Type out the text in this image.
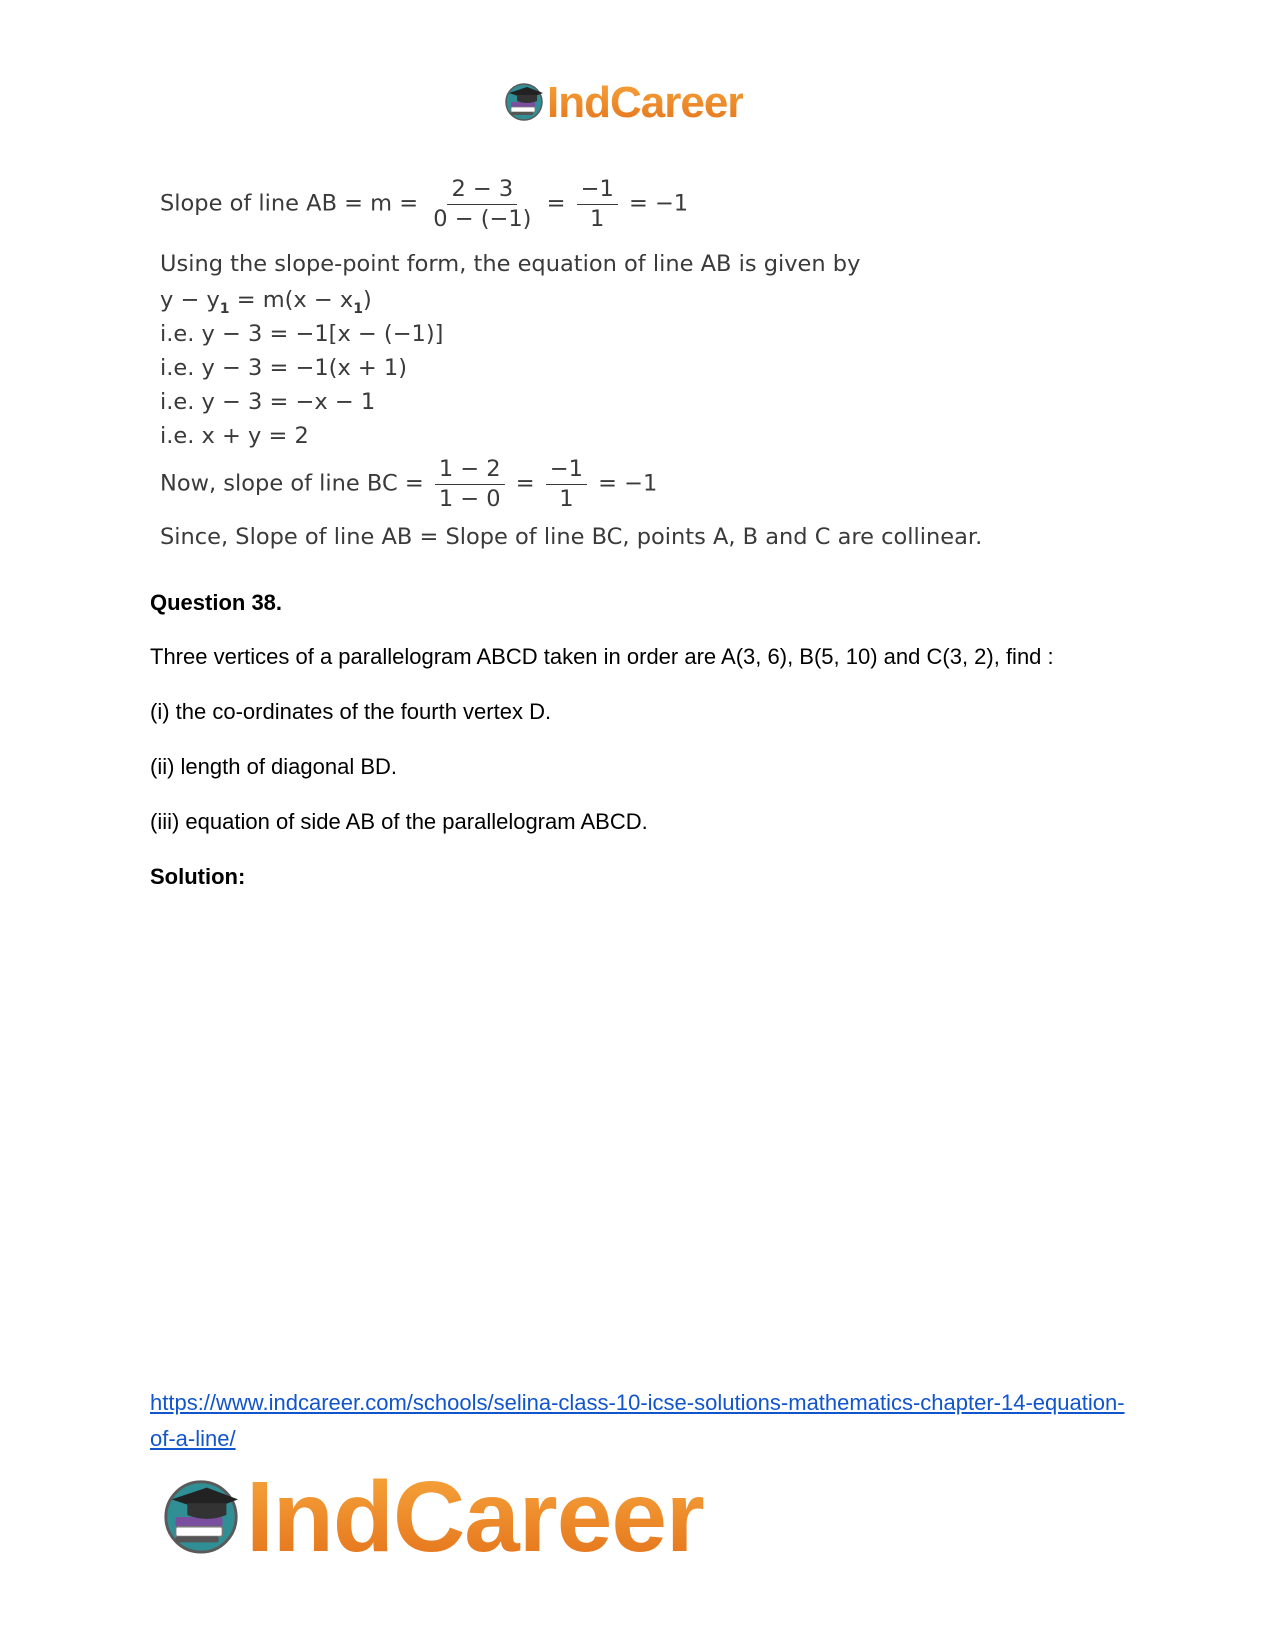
IndCareer
Slope of line AB = $m = \frac{2 - 3}{0 - (-1)} = \frac{-1}{1} = -1$
Using the slope-point form, the equation of line AB is given by
$y - y_1 = m(x - x_1)$
i.e. y − 3 = −1[x − (−1)]
i.e. y − 3 = −1(x + 1)
i.e. y − 3 = −x − 1
i.e. x + y = 2
Now, slope of line BC = $\frac{1 - 2}{1 - 0} = \frac{-1}{1} = -1$
Since, Slope of line AB = Slope of line BC, points A, B and C are collinear.
Question 38.
Three vertices of a parallelogram ABCD taken in order are A(3, 6), B(5, 10) and C(3, 2), find :
(i) the co-ordinates of the fourth vertex D.
(ii) length of diagonal BD.
(iii) equation of side AB of the parallelogram ABCD.
Solution:
https://www.indcareer.com/schools/selina-class-10-icse-solutions-mathematics-chapter-14-equation-of-a-line/
IndCareer
